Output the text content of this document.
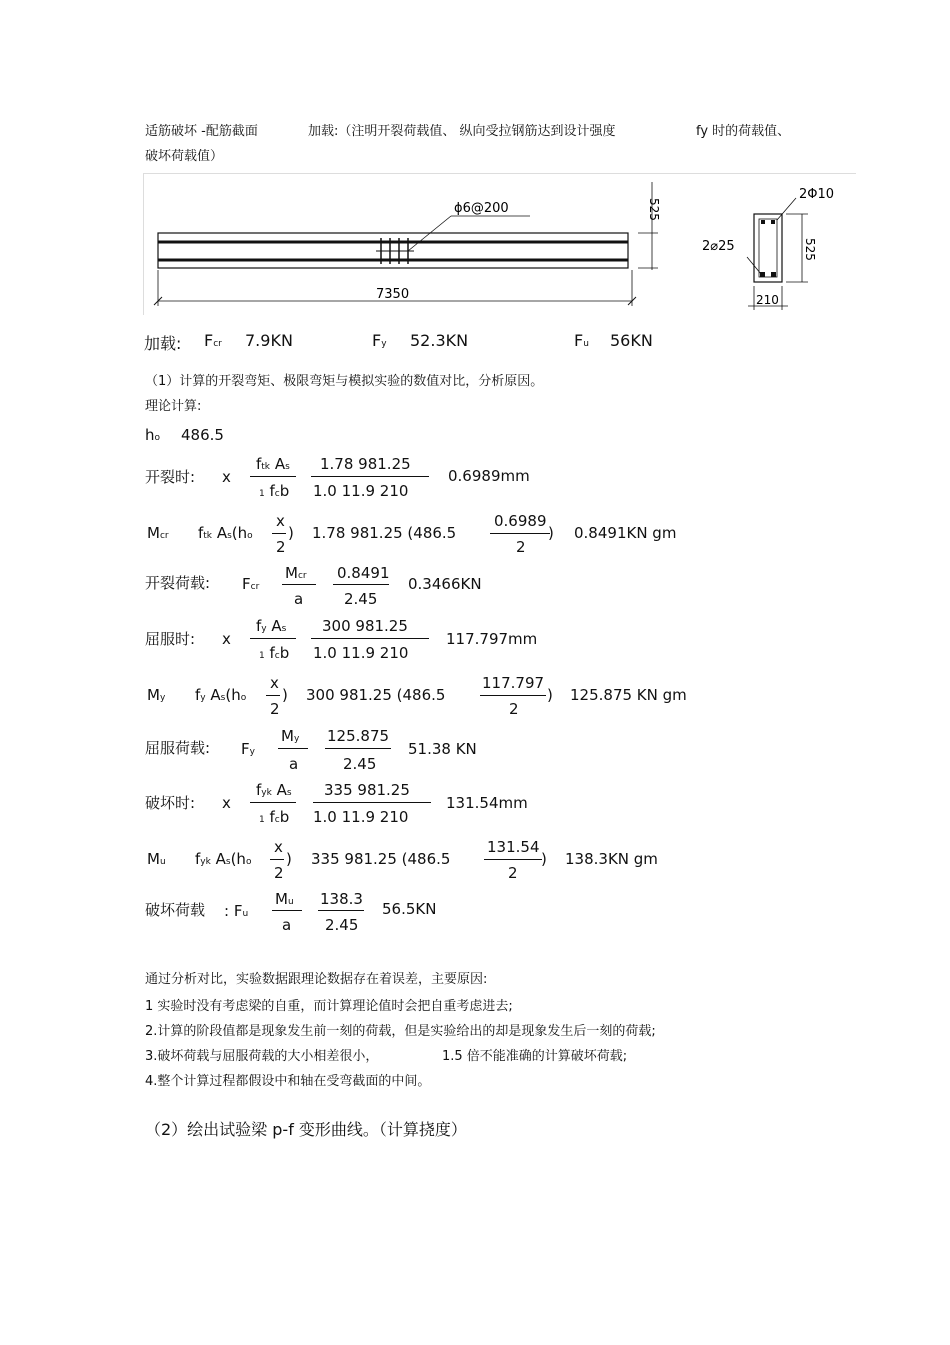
适筋破坏 -配筋截面	加载:（注明开裂荷载值、 纵向受拉钢筋达到设计强度	fy 时的荷载值、
破坏荷载值）
ϕ6@200
7350
525
2Φ10
2⌀25	525
210
加载: Fcr 7.9KN	Fy 52.3KN	Fu 56KN
（1）计算的开裂弯矩、极限弯矩与模拟实验的数值对比，分析原因。
理论计算:
ho 486.5
开裂时: x
ftk As
1 fcb
1.78 981.25
1.0 11.9 210
0.6989mm
Mcr ftk As(ho
x
2
) 1.78 981.25 (486.5
0.6989
2
) 0.8491KN gm
开裂荷载: Fcr
Mcr
a
0.8491
2.45
0.3466KN
屈服时: x
fy As
1 fcb
300 981.25
1.0 11.9 210
117.797mm
My fy As(ho
x
2
) 300 981.25 (486.5
117.797
2
) 125.875 KN gm
屈服荷载: Fy
My
a
125.875
2.45
51.38 KN
破坏时: x
fyk As
1 fcb
335 981.25
1.0 11.9 210
131.54mm
Mu fyk As(ho
x
2
) 335 981.25 (486.5
131.54
2
) 138.3KN gm
破坏荷载 : Fu
Mu
a
138.3
2.45
56.5KN
通过分析对比，实验数据跟理论数据存在着误差，主要原因:
1 实验时没有考虑梁的自重，而计算理论值时会把自重考虑进去;
2.计算的阶段值都是现象发生前一刻的荷载，但是实验给出的却是现象发生后一刻的荷载;
3.破坏荷载与屈服荷载的大小相差很小，	1.5 倍不能准确的计算破坏荷载;
4.整个计算过程都假设中和轴在受弯截面的中间。
（2）绘出试验梁 p-f 变形曲线。（计算挠度）
